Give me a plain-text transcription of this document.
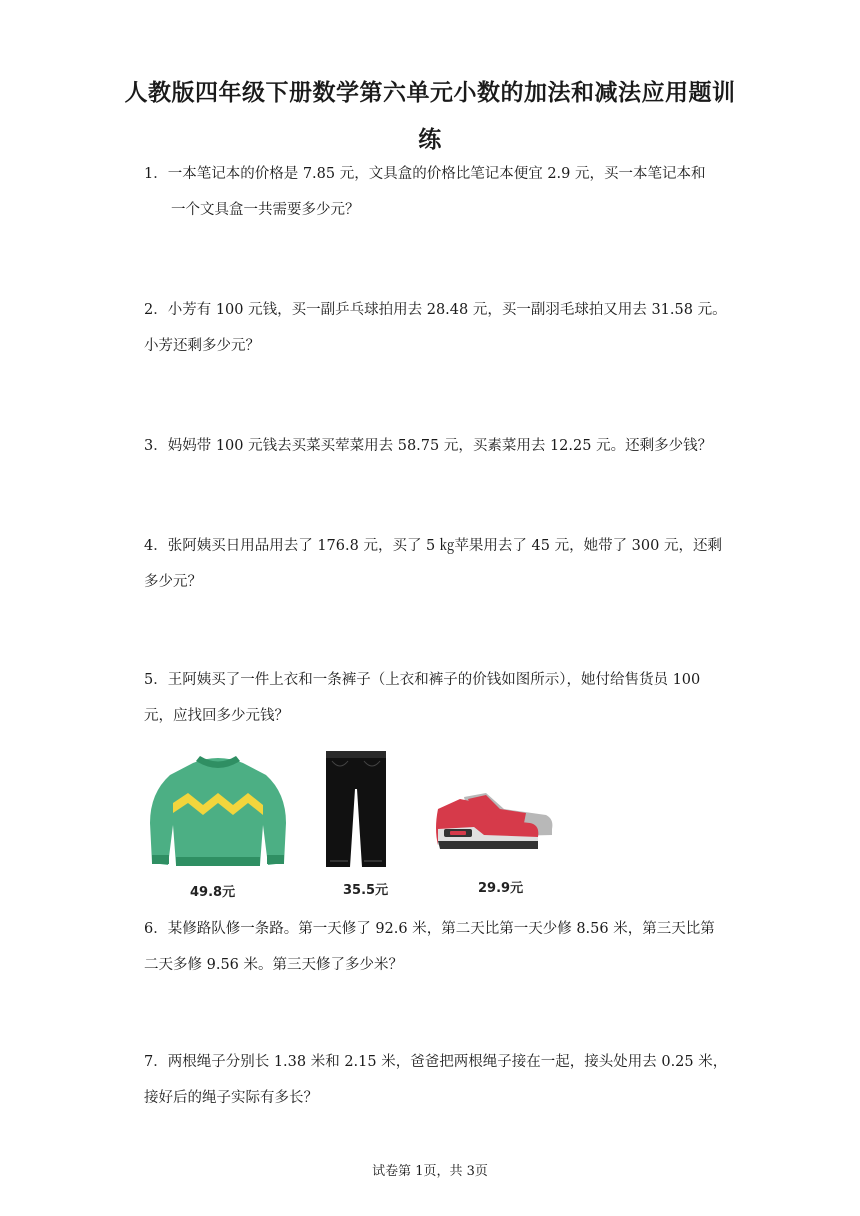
人教版四年级下册数学第六单元小数的加法和减法应用题训
练
1．一本笔记本的价格是 7.85 元，文具盒的价格比笔记本便宜 2.9 元，买一本笔记本和
一个文具盒一共需要多少元？
2．小芳有 100 元钱，买一副乒乓球拍用去 28.48 元，买一副羽毛球拍又用去 31.58 元。
小芳还剩多少元？
3．妈妈带 100 元钱去买菜买荤菜用去 58.75 元，买素菜用去 12.25 元。还剩多少钱？
4．张阿姨买日用品用去了 176.8 元，买了 5 ㎏苹果用去了 45 元，她带了 300 元，还剩
多少元？
5．王阿姨买了一件上衣和一条裤子（上衣和裤子的价钱如图所示），她付给售货员 100
元，应找回多少元钱？
49.8元	35.5元	29.9元
6．某修路队修一条路。第一天修了 92.6 米，第二天比第一天少修 8.56 米，第三天比第
二天多修 9.56 米。第三天修了多少米？
7．两根绳子分别长 1.38 米和 2.15 米，爸爸把两根绳子接在一起，接头处用去 0.25 米，
接好后的绳子实际有多长？
试卷第 1页，共 3页
